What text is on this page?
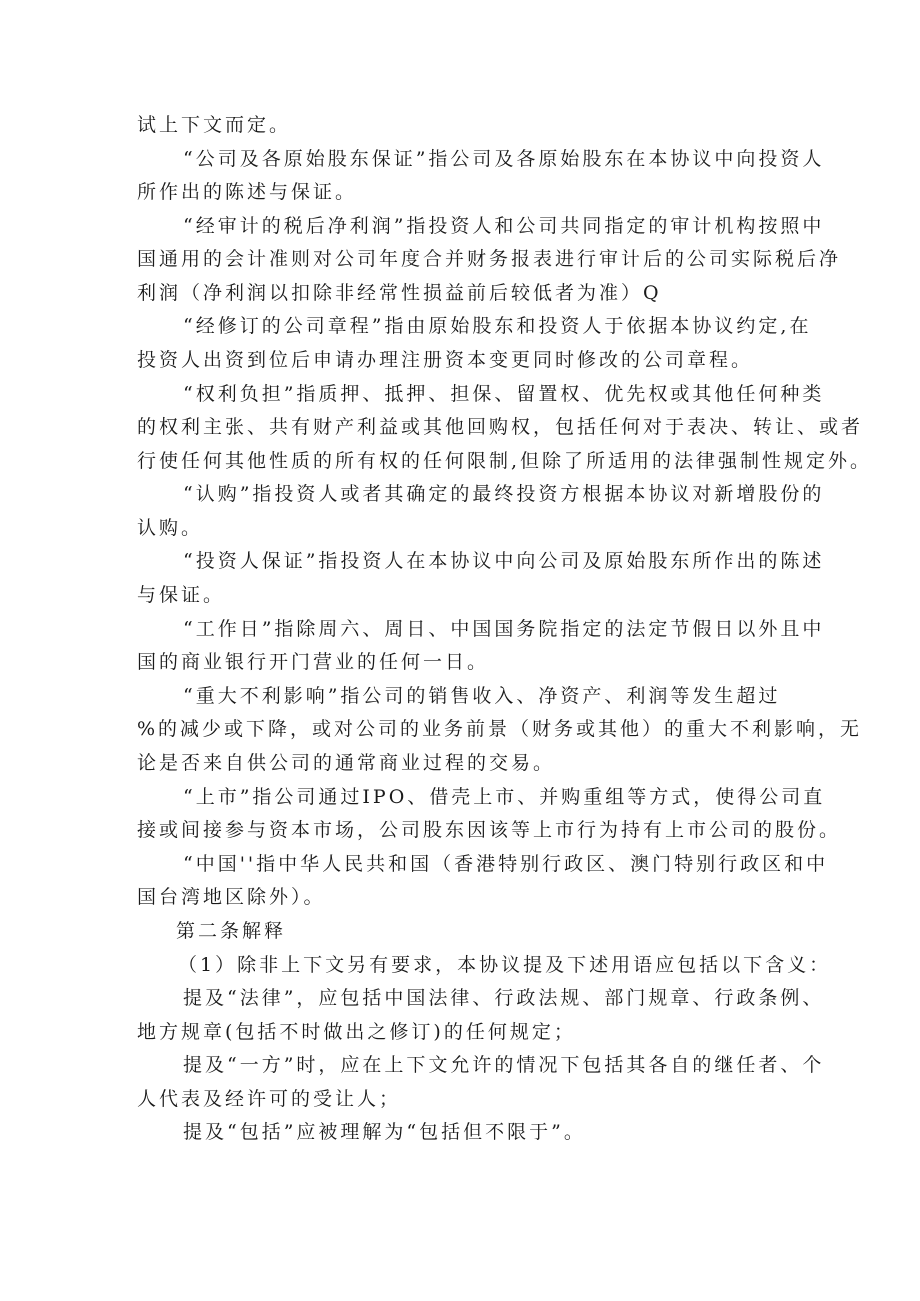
试上下文而定。

“公司及各原始股东保证”指公司及各原始股东在本协议中向投资人

所作出的陈述与保证。

“经审计的税后净利润”指投资人和公司共同指定的审计机构按照中

国通用的会计准则对公司年度合并财务报表进行审计后的公司实际税后净

利润（净利润以扣除非经常性损益前后较低者为准）Q

“经修订的公司章程”指由原始股东和投资人于依据本协议约定,在

投资人出资到位后申请办理注册资本变更同时修改的公司章程。

“权利负担”指质押、抵押、担保、留置权、优先权或其他任何种类

的权利主张、共有财产利益或其他回购权，包括任何对于表决、转让、或者

行使任何其他性质的所有权的任何限制,但除了所适用的法律强制性规定外。

“认购”指投资人或者其确定的最终投资方根据本协议对新增股份的

认购。

“投资人保证”指投资人在本协议中向公司及原始股东所作出的陈述

与保证。

“工作日”指除周六、周日、中国国务院指定的法定节假日以外且中

国的商业银行开门营业的任何一日。

“重大不利影响”指公司的销售收入、净资产、利润等发生超过

%的减少或下降，或对公司的业务前景（财务或其他）的重大不利影响，无

论是否来自供公司的通常商业过程的交易。

“上市”指公司通过IPO、借壳上市、并购重组等方式，使得公司直

接或间接参与资本市场，公司股东因该等上市行为持有上市公司的股份。

“中国''指中华人民共和国（香港特别行政区、澳门特别行政区和中

国台湾地区除外）。

第二条解释

（1）除非上下文另有要求，本协议提及下述用语应包括以下含义：

提及“法律”，应包括中国法律、行政法规、部门规章、行政条例、

地方规章(包括不时做出之修订)的任何规定；

提及“一方”时，应在上下文允许的情况下包括其各自的继任者、个

人代表及经许可的受让人；

提及“包括”应被理解为“包括但不限于”。
